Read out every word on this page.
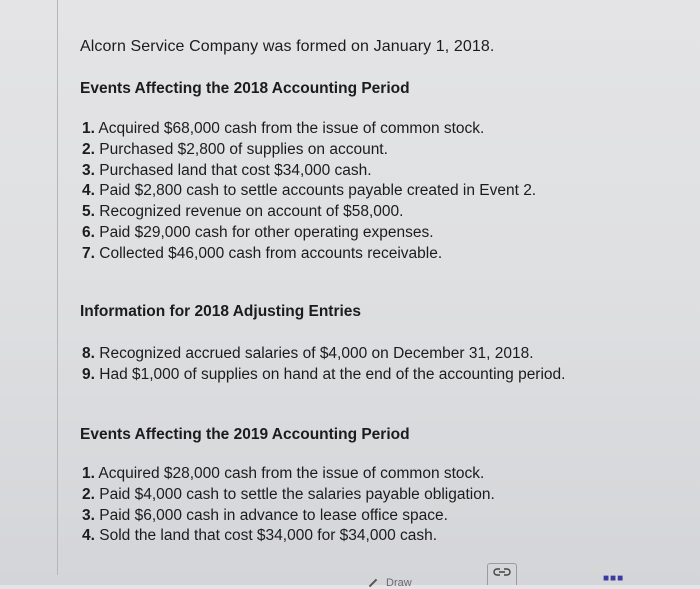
Alcorn Service Company was formed on January 1, 2018.
Events Affecting the 2018 Accounting Period
1. Acquired $68,000 cash from the issue of common stock.
2. Purchased $2,800 of supplies on account.
3. Purchased land that cost $34,000 cash.
4. Paid $2,800 cash to settle accounts payable created in Event 2.
5. Recognized revenue on account of $58,000.
6. Paid $29,000 cash for other operating expenses.
7. Collected $46,000 cash from accounts receivable.
Information for 2018 Adjusting Entries
8. Recognized accrued salaries of $4,000 on December 31, 2018.
9. Had $1,000 of supplies on hand at the end of the accounting period.
Events Affecting the 2019 Accounting Period
1. Acquired $28,000 cash from the issue of common stock.
2. Paid $4,000 cash to settle the salaries payable obligation.
3. Paid $6,000 cash in advance to lease office space.
4. Sold the land that cost $34,000 for $34,000 cash.
Draw	■■■
